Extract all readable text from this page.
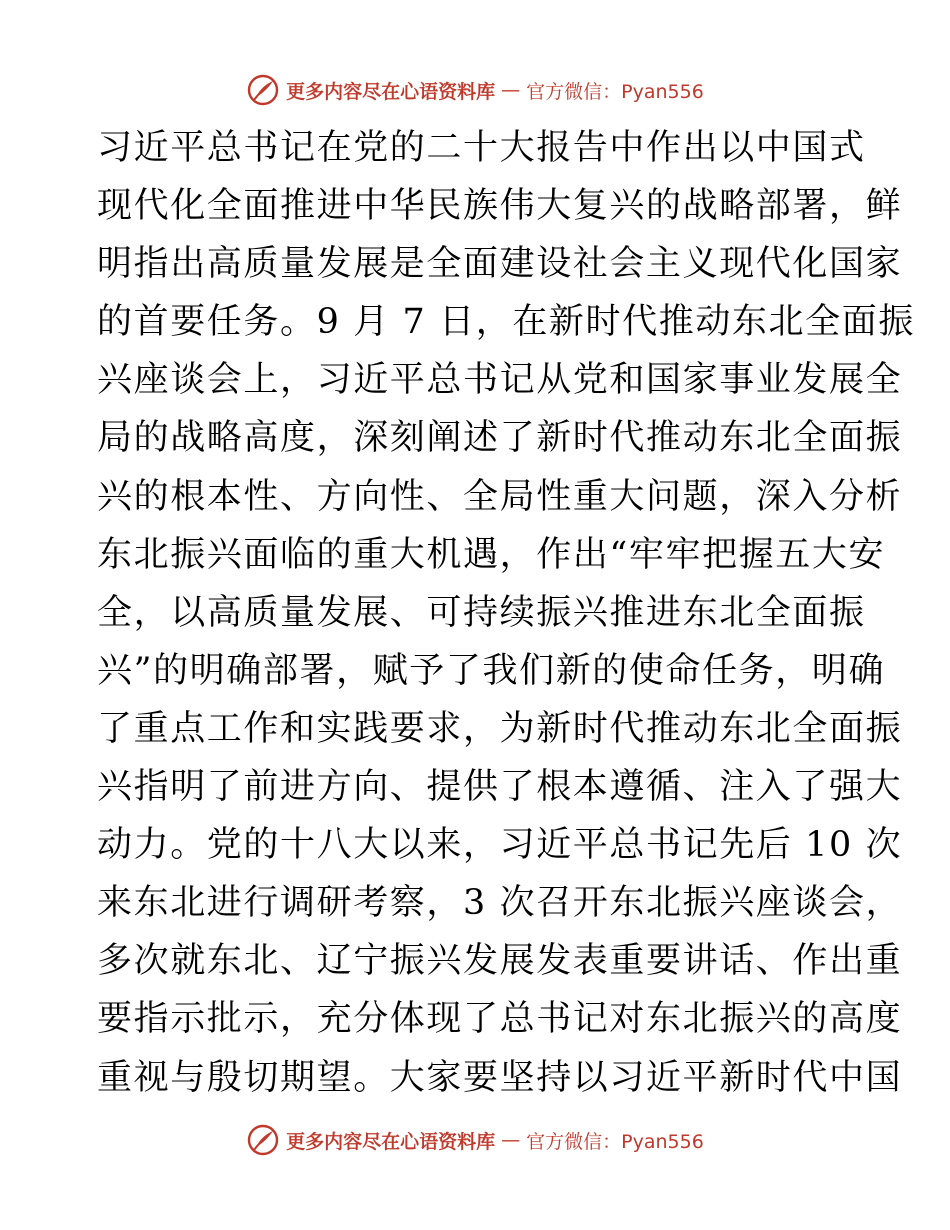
更多内容尽在心语资料库 — 官方微信：Pyan556
习近平总书记在党的二十大报告中作出以中国式
现代化全面推进中华民族伟大复兴的战略部署，鲜
明指出高质量发展是全面建设社会主义现代化国家
的首要任务。9 月 7 日，在新时代推动东北全面振
兴座谈会上，习近平总书记从党和国家事业发展全
局的战略高度，深刻阐述了新时代推动东北全面振
兴的根本性、方向性、全局性重大问题，深入分析
东北振兴面临的重大机遇，作出“牢牢把握五大安
全，以高质量发展、可持续振兴推进东北全面振
兴”的明确部署，赋予了我们新的使命任务，明确
了重点工作和实践要求，为新时代推动东北全面振
兴指明了前进方向、提供了根本遵循、注入了强大
动力。党的十八大以来，习近平总书记先后 10 次
来东北进行调研考察，3 次召开东北振兴座谈会，
多次就东北、辽宁振兴发展发表重要讲话、作出重
要指示批示，充分体现了总书记对东北振兴的高度
重视与殷切期望。大家要坚持以习近平新时代中国
更多内容尽在心语资料库 — 官方微信：Pyan556
